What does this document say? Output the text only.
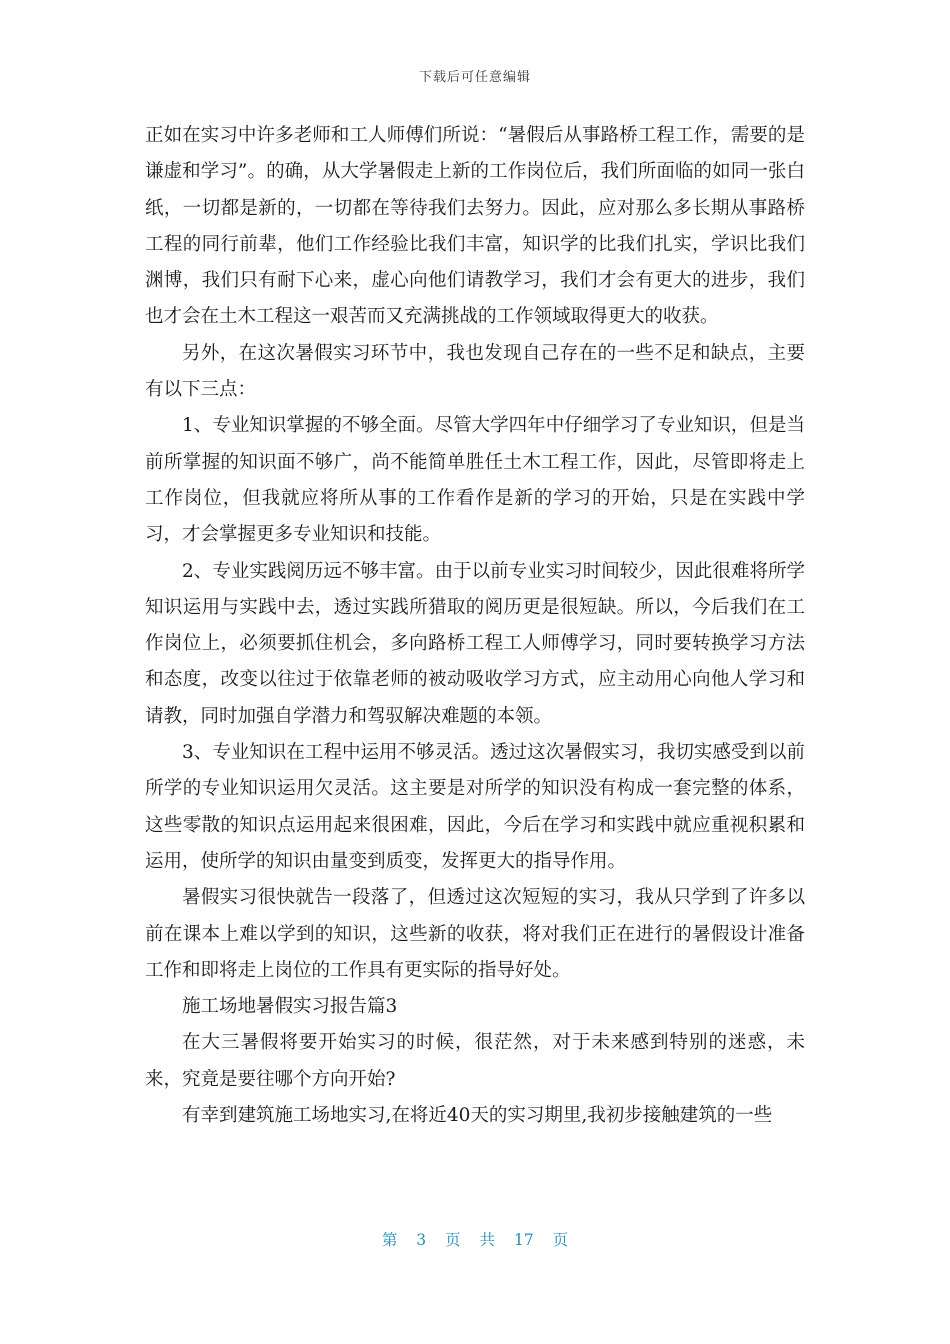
下载后可任意编辑

正如在实习中许多老师和工人师傅们所说：“暑假后从事路桥工程工作，需要的是谦虚和学习”。的确，从大学暑假走上新的工作岗位后，我们所面临的如同一张白纸，一切都是新的，一切都在等待我们去努力。因此，应对那么多长期从事路桥工程的同行前辈，他们工作经验比我们丰富，知识学的比我们扎实，学识比我们渊博，我们只有耐下心来，虚心向他们请教学习，我们才会有更大的进步，我们也才会在土木工程这一艰苦而又充满挑战的工作领域取得更大的收获。

另外，在这次暑假实习环节中，我也发现自己存在的一些不足和缺点，主要有以下三点：

1、专业知识掌握的不够全面。尽管大学四年中仔细学习了专业知识，但是当前所掌握的知识面不够广，尚不能简单胜任土木工程工作，因此，尽管即将走上工作岗位，但我就应将所从事的工作看作是新的学习的开始，只是在实践中学习，才会掌握更多专业知识和技能。

2、专业实践阅历远不够丰富。由于以前专业实习时间较少，因此很难将所学知识运用与实践中去，透过实践所猎取的阅历更是很短缺。所以，今后我们在工作岗位上，必须要抓住机会，多向路桥工程工人师傅学习，同时要转换学习方法和态度，改变以往过于依靠老师的被动吸收学习方式，应主动用心向他人学习和请教，同时加强自学潜力和驾驭解决难题的本领。

3、专业知识在工程中运用不够灵活。透过这次暑假实习，我切实感受到以前所学的专业知识运用欠灵活。这主要是对所学的知识没有构成一套完整的体系，这些零散的知识点运用起来很困难，因此，今后在学习和实践中就应重视积累和运用，使所学的知识由量变到质变，发挥更大的指导作用。

暑假实习很快就告一段落了，但透过这次短短的实习，我从只学到了许多以前在课本上难以学到的知识，这些新的收获，将对我们正在进行的暑假设计准备工作和即将走上岗位的工作具有更实际的指导好处。

施工场地暑假实习报告篇3

在大三暑假将要开始实习的时候，很茫然，对于未来感到特别的迷惑，未来，究竟是要往哪个方向开始?

有幸到建筑施工场地实习,在将近40天的实习期里,我初步接触建筑的一些

第 3 页 共 17 页
